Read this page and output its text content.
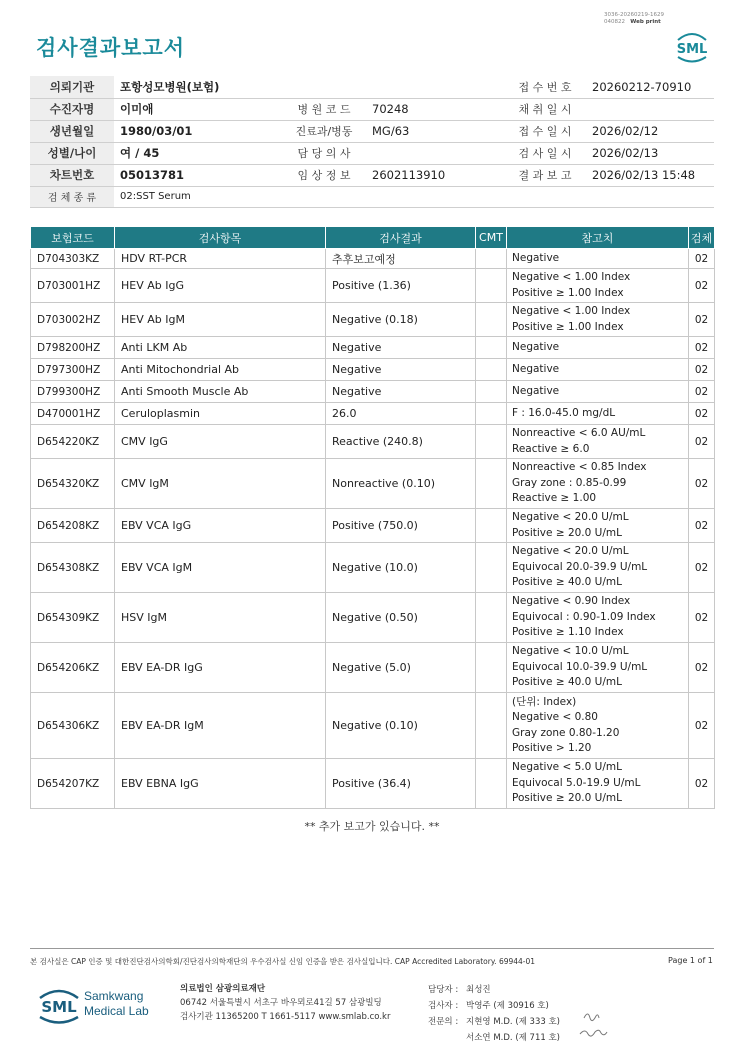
검사결과보고서
3036-20260219-1629
040822 Web print
SML
의뢰기관	포항성모병원(보험)			접 수 번 호	20260212-70910
수진자명	이미애	병 원 코 드	70248	채 취 일 시	
생년월일	1980/03/01	진료과/병동	MG/63	접 수 일 시	2026/02/12
성별/나이	여 / 45	담 당 의 사		검 사 일 시	2026/02/13
차트번호	05013781	임 상 정 보	2602113910	결 과 보 고	2026/02/13 15:48
검 체 종 류	02:SST Serum				
보험코드	검사항목	검사결과	CMT	참고치	검체
D704303KZ	HDV RT-PCR	추후보고예정		Negative	02
D703001HZ	HEV Ab IgG	Positive (1.36)		Negative < 1.00 Index
Positive ≥ 1.00 Index	02
D703002HZ	HEV Ab IgM	Negative (0.18)		Negative < 1.00 Index
Positive ≥ 1.00 Index	02
D798200HZ	Anti LKM Ab	Negative		Negative	02
D797300HZ	Anti Mitochondrial Ab	Negative		Negative	02
D799300HZ	Anti Smooth Muscle Ab	Negative		Negative	02
D470001HZ	Ceruloplasmin	26.0		F : 16.0-45.0 mg/dL	02
D654220KZ	CMV IgG	Reactive (240.8)		Nonreactive < 6.0 AU/mL
Reactive ≥ 6.0	02
D654320KZ	CMV IgM	Nonreactive (0.10)		Nonreactive < 0.85 Index
Gray zone : 0.85-0.99
Reactive ≥ 1.00	02
D654208KZ	EBV VCA IgG	Positive (750.0)		Negative < 20.0 U/mL
Positive ≥ 20.0 U/mL	02
D654308KZ	EBV VCA IgM	Negative (10.0)		Negative < 20.0 U/mL
Equivocal 20.0-39.9 U/mL
Positive ≥ 40.0 U/mL	02
D654309KZ	HSV IgM	Negative (0.50)		Negative < 0.90 Index
Equivocal : 0.90-1.09 Index
Positive ≥ 1.10 Index	02
D654206KZ	EBV EA-DR IgG	Negative (5.0)		Negative < 10.0 U/mL
Equivocal 10.0-39.9 U/mL
Positive ≥ 40.0 U/mL	02
D654306KZ	EBV EA-DR IgM	Negative (0.10)		(단위: Index)
Negative < 0.80
Gray zone 0.80-1.20
Positive > 1.20	02
D654207KZ	EBV EBNA IgG	Positive (36.4)		Negative < 5.0 U/mL
Equivocal 5.0-19.9 U/mL
Positive ≥ 20.0 U/mL	02
** 추가 보고가 있습니다. **
본 검사실은 CAP 인증 및 대한진단검사의학회/진단검사의학재단의 우수검사실 신임 인증을 받은 검사실입니다. CAP Accredited Laboratory. 69944-01	Page 1 of 1
SML
Samkwang
Medical Lab
의료법인 삼광의료재단
06742 서울특별시 서초구 바우뫼로41길 57 삼광빌딩
검사기관 11365200 T 1661-5117 www.smlab.co.kr
담당자 : 최성진
검사자 : 박영주 (제 30916 호)
전문의 : 지현영 M.D. (제 333 호)
서소연 M.D. (제 711 호)
